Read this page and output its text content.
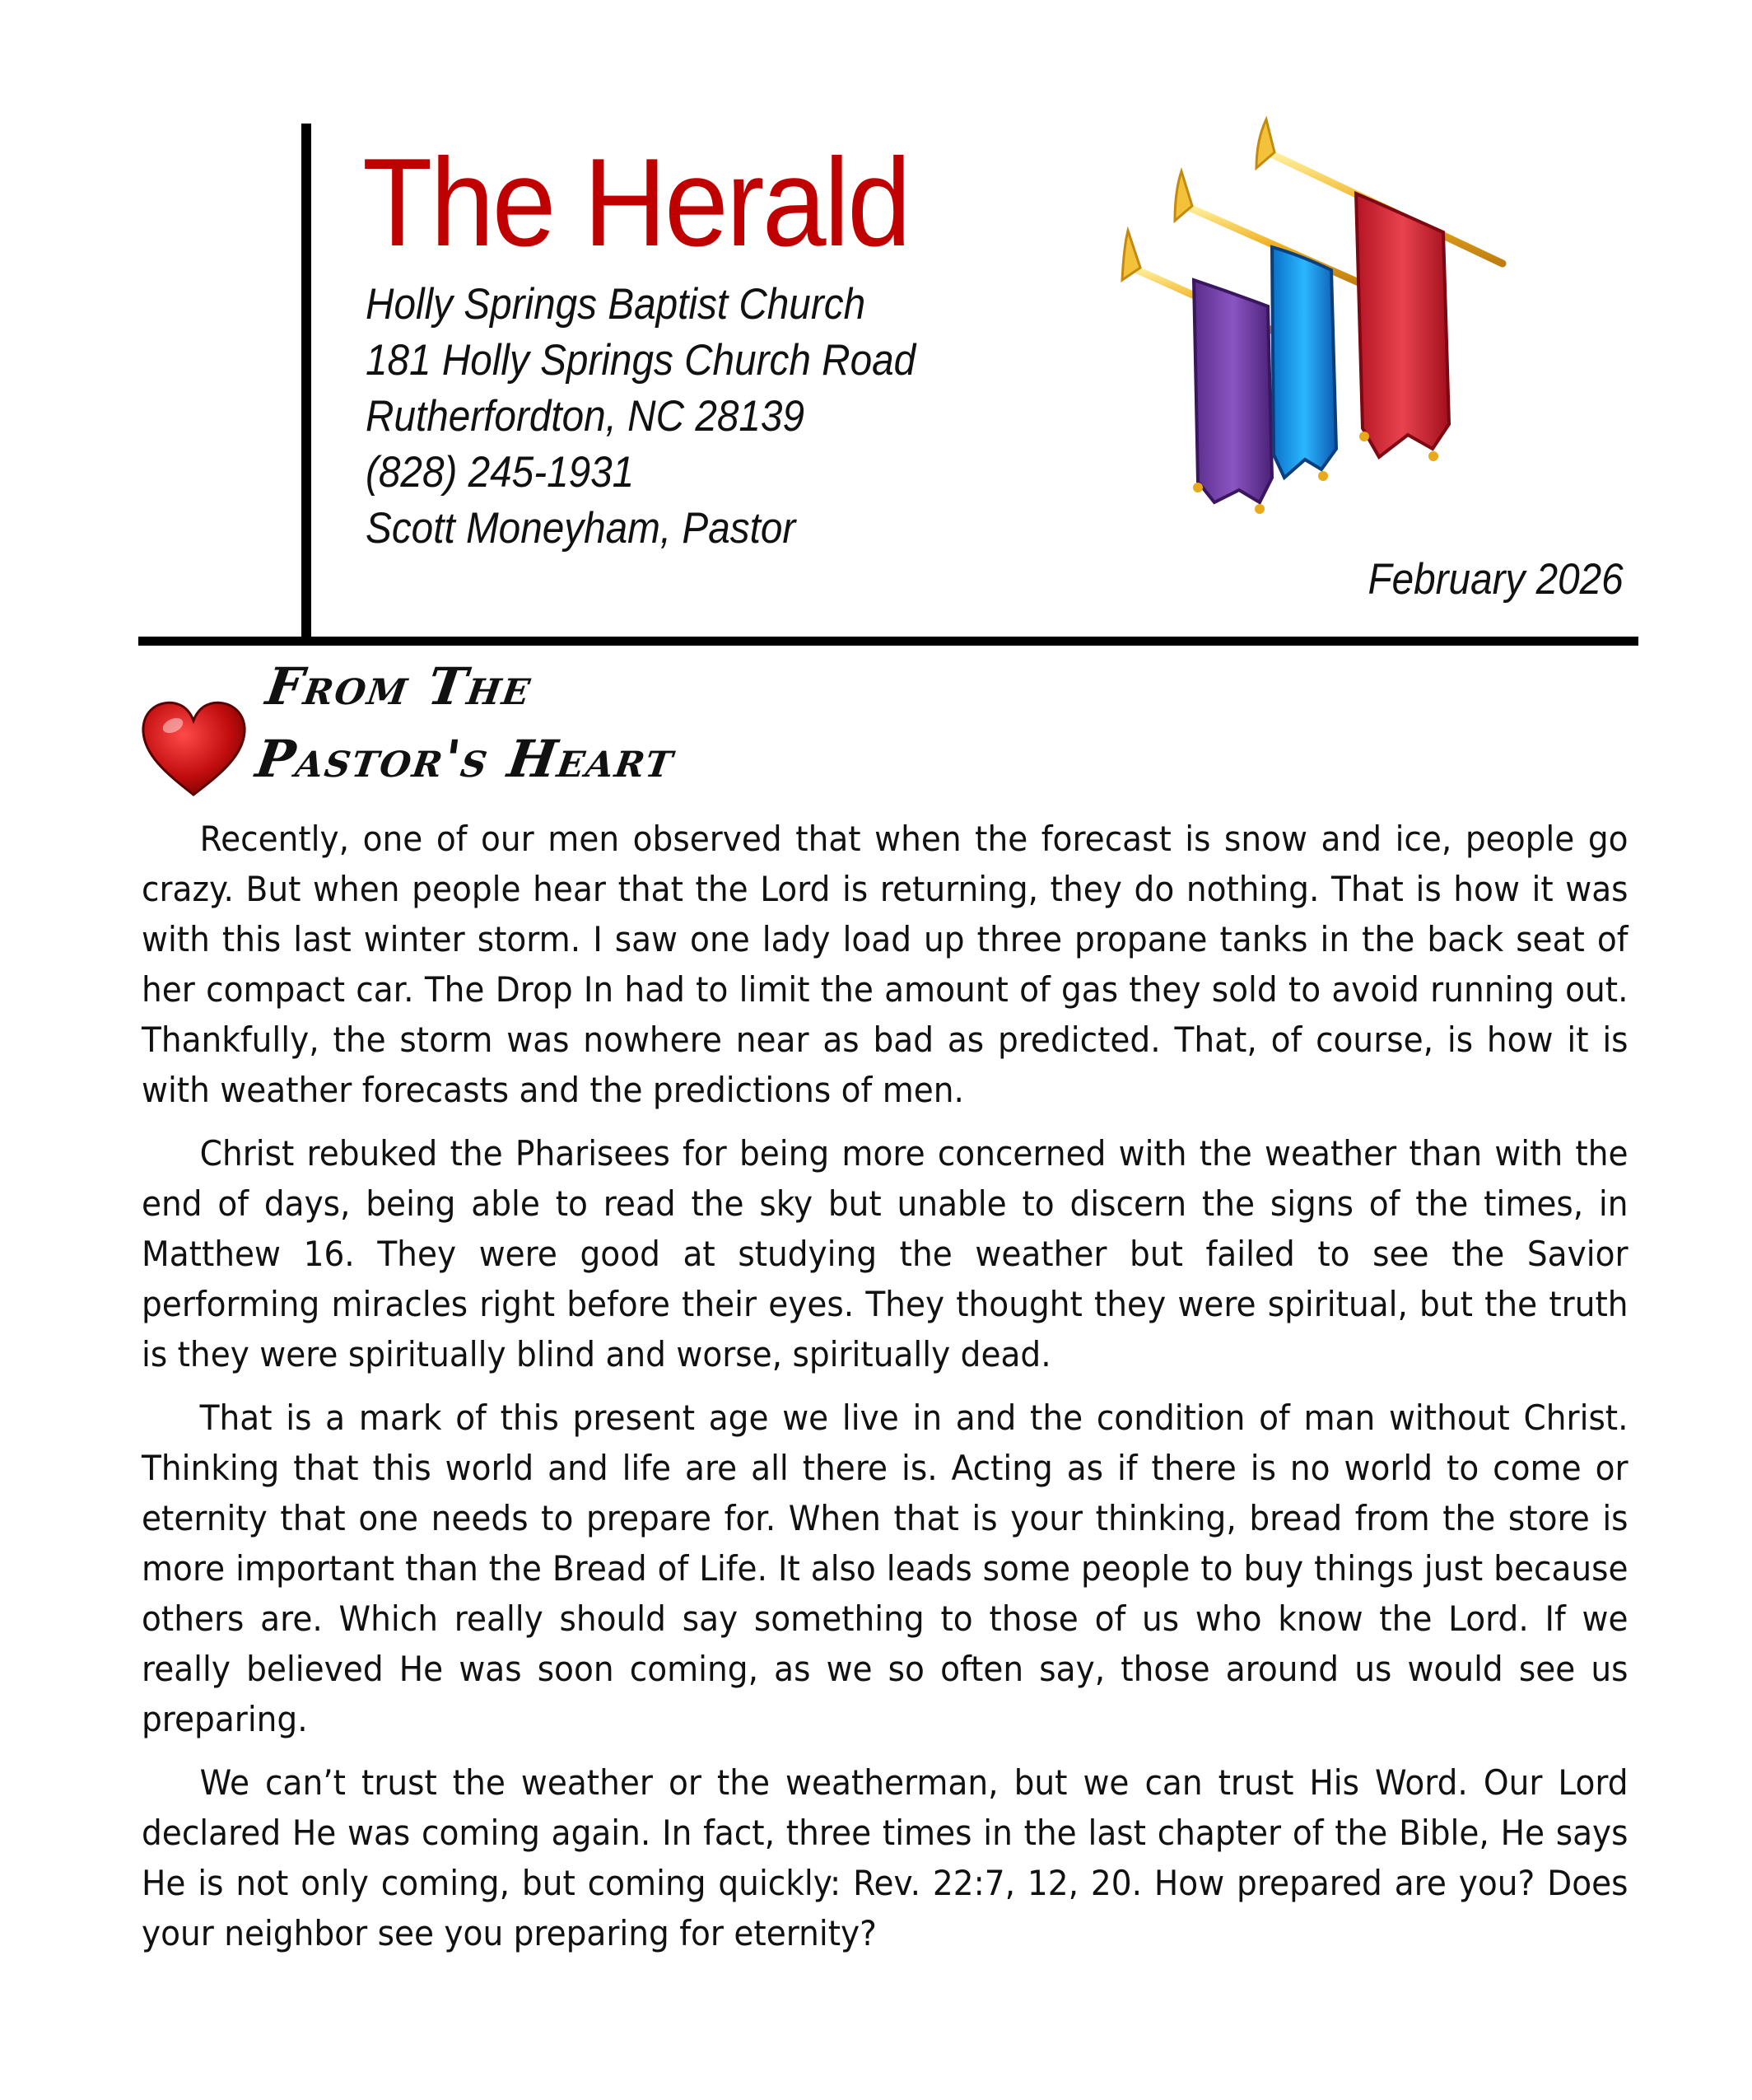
The Herald
Holly Springs Baptist Church
181 Holly Springs Church Road
Rutherfordton, NC 28139
(828) 245-1931
Scott Moneyham, Pastor
February 2026
From The
Pastor's Heart

Recently, one of our men observed that when the forecast is snow and ice, people go crazy. But when people hear that the Lord is returning, they do nothing. That is how it was with this last winter storm. I saw one lady load up three propane tanks in the back seat of her compact car. The Drop In had to limit the amount of gas they sold to avoid running out. Thankfully, the storm was nowhere near as bad as predicted. That, of course, is how it is with weather forecasts and the predictions of men.

Christ rebuked the Pharisees for being more concerned with the weather than with the end of days, being able to read the sky but unable to discern the signs of the times, in Matthew 16. They were good at studying the weather but failed to see the Savior performing miracles right before their eyes. They thought they were spiritual, but the truth is they were spiritually blind and worse, spiritually dead.

That is a mark of this present age we live in and the condition of man without Christ. Thinking that this world and life are all there is. Acting as if there is no world to come or eternity that one needs to prepare for. When that is your thinking, bread from the store is more important than the Bread of Life. It also leads some people to buy things just because others are. Which really should say something to those of us who know the Lord. If we really believed He was soon coming, as we so often say, those around us would see us preparing.

We can’t trust the weather or the weatherman, but we can trust His Word. Our Lord declared He was coming again. In fact, three times in the last chapter of the Bible, He says He is not only coming, but coming quickly: Rev. 22:7, 12, 20. How prepared are you? Does your neighbor see you preparing for eternity?
